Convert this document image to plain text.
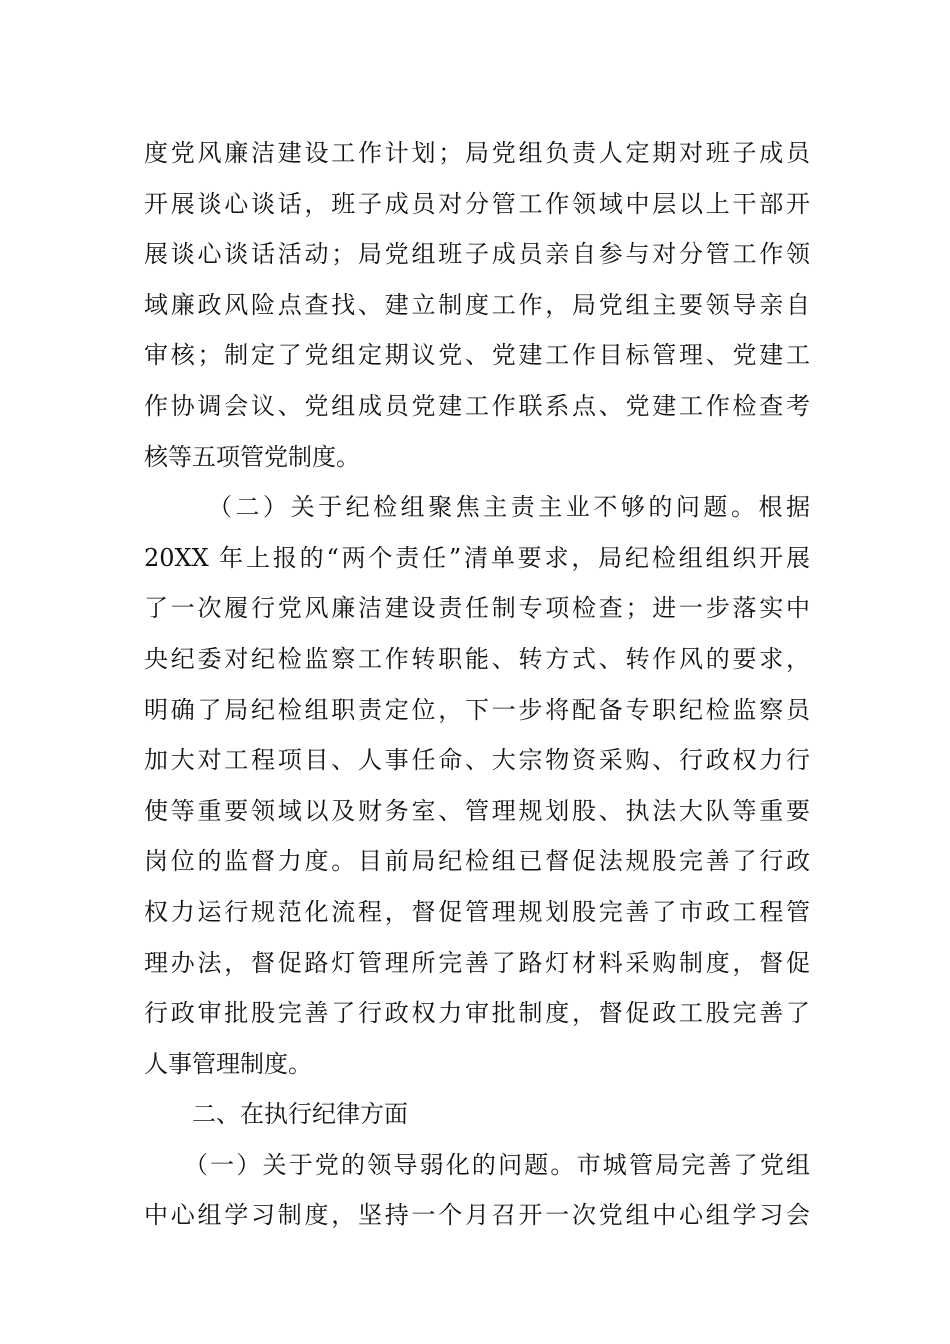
度党风廉洁建设工作计划；局党组负责人定期对班子成员
开展谈心谈话，班子成员对分管工作领域中层以上干部开
展谈心谈话活动；局党组班子成员亲自参与对分管工作领
域廉政风险点查找、建立制度工作，局党组主要领导亲自
审核；制定了党组定期议党、党建工作目标管理、党建工
作协调会议、党组成员党建工作联系点、党建工作检查考
核等五项管党制度。
（二）关于纪检组聚焦主责主业不够的问题。根据
20XX 年上报的“两个责任”清单要求，局纪检组组织开展
了一次履行党风廉洁建设责任制专项检查；进一步落实中
央纪委对纪检监察工作转职能、转方式、转作风的要求，
明确了局纪检组职责定位，下一步将配备专职纪检监察员
加大对工程项目、人事任命、大宗物资采购、行政权力行
使等重要领域以及财务室、管理规划股、执法大队等重要
岗位的监督力度。目前局纪检组已督促法规股完善了行政
权力运行规范化流程，督促管理规划股完善了市政工程管
理办法，督促路灯管理所完善了路灯材料采购制度，督促
行政审批股完善了行政权力审批制度，督促政工股完善了
人事管理制度。
二、在执行纪律方面
（一）关于党的领导弱化的问题。市城管局完善了党组
中心组学习制度，坚持一个月召开一次党组中心组学习会
